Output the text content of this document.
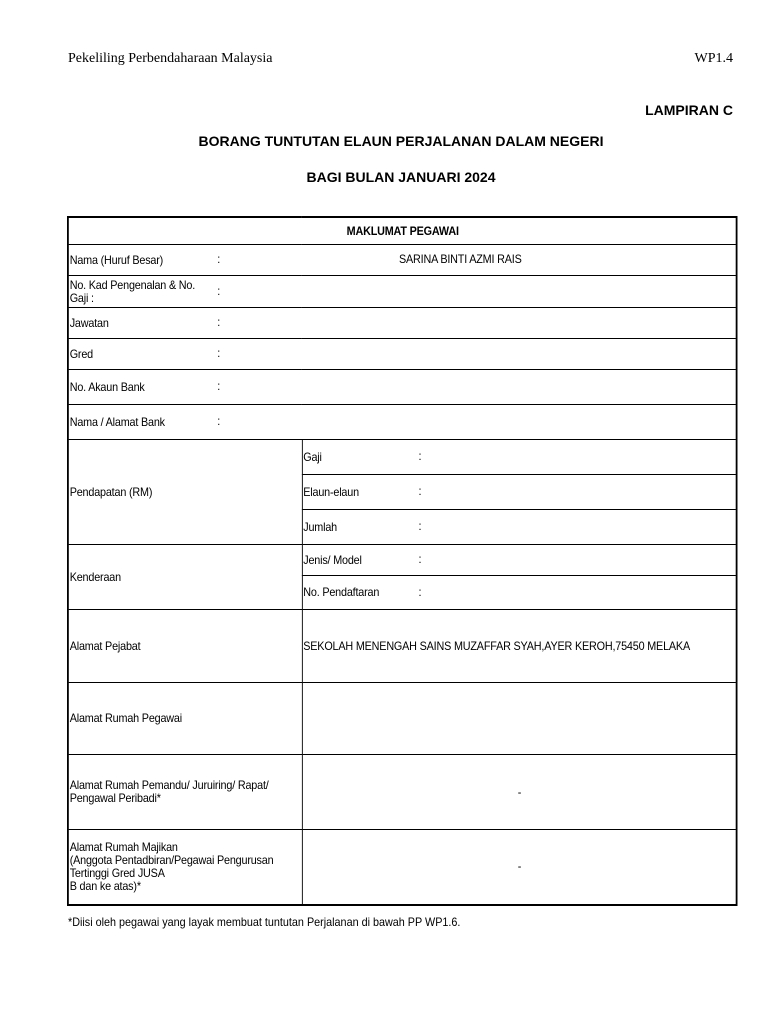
Pekeliling Perbendaharaan Malaysia	WP1.4
LAMPIRAN C
BORANG TUNTUTAN ELAUN PERJALANAN DALAM NEGERI
BAGI BULAN JANUARI 2024
MAKLUMAT PEGAWAI	
Nama (Huruf Besar) : SARINA BINTI AZMI RAIS	
No. Kad Pengenalan & No. Gaji : :	
Jawatan :	
Gred :	
No. Akaun Bank :	
Nama / Alamat Bank :	
Pendapatan (RM)	Gaji :
	Elaun-elaun :
	Jumlah :
Kenderaan	Jenis/ Model :
	No. Pendaftaran :
Alamat Pejabat	SEKOLAH MENENGAH SAINS MUZAFFAR SYAH,AYER KEROH,75450 MELAKA
Alamat Rumah Pegawai	
Alamat Rumah Pemandu/ Juruiring/ Rapat/ Pengawal Peribadi*	-

Alamat Rumah Majikan
(Anggota Pentadbiran/Pegawai Pengurusan Tertinggi Gred JUSA
B dan ke atas)*	-
*Diisi oleh pegawai yang layak membuat tuntutan Perjalanan di bawah PP WP1.6.
